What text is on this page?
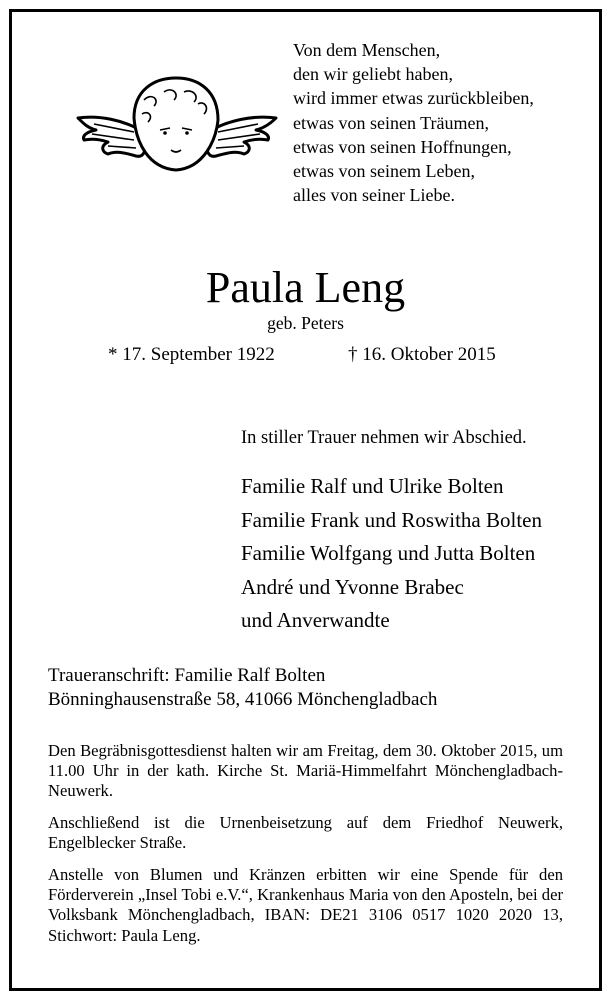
Von dem Menschen,
den wir geliebt haben,
wird immer etwas zurückbleiben,
etwas von seinen Träumen,
etwas von seinen Hoffnungen,
etwas von seinem Leben,
alles von seiner Liebe.
Paula Leng
geb. Peters
* 17. September 1922	† 16. Oktober 2015
In stiller Trauer nehmen wir Abschied.
Familie Ralf und Ulrike Bolten
Familie Frank und Roswitha Bolten
Familie Wolfgang und Jutta Bolten
André und Yvonne Brabec
und Anverwandte
Traueranschrift: Familie Ralf Bolten
Bönninghausenstraße 58, 41066 Mönchengladbach
Den Begräbnisgottesdienst halten wir am Freitag, dem 30. Oktober 2015, um 11.00 Uhr in der kath. Kirche St. Mariä-Himmelfahrt Mönchengladbach-Neuwerk.
Anschließend ist die Urnenbeisetzung auf dem Friedhof Neuwerk, Engelblecker Straße.
Anstelle von Blumen und Kränzen erbitten wir eine Spende für den Förderverein „Insel Tobi e.V.“, Krankenhaus Maria von den Aposteln, bei der Volksbank Mönchengladbach, IBAN: DE21 3106 0517 1020 2020 13, Stichwort: Paula Leng.
